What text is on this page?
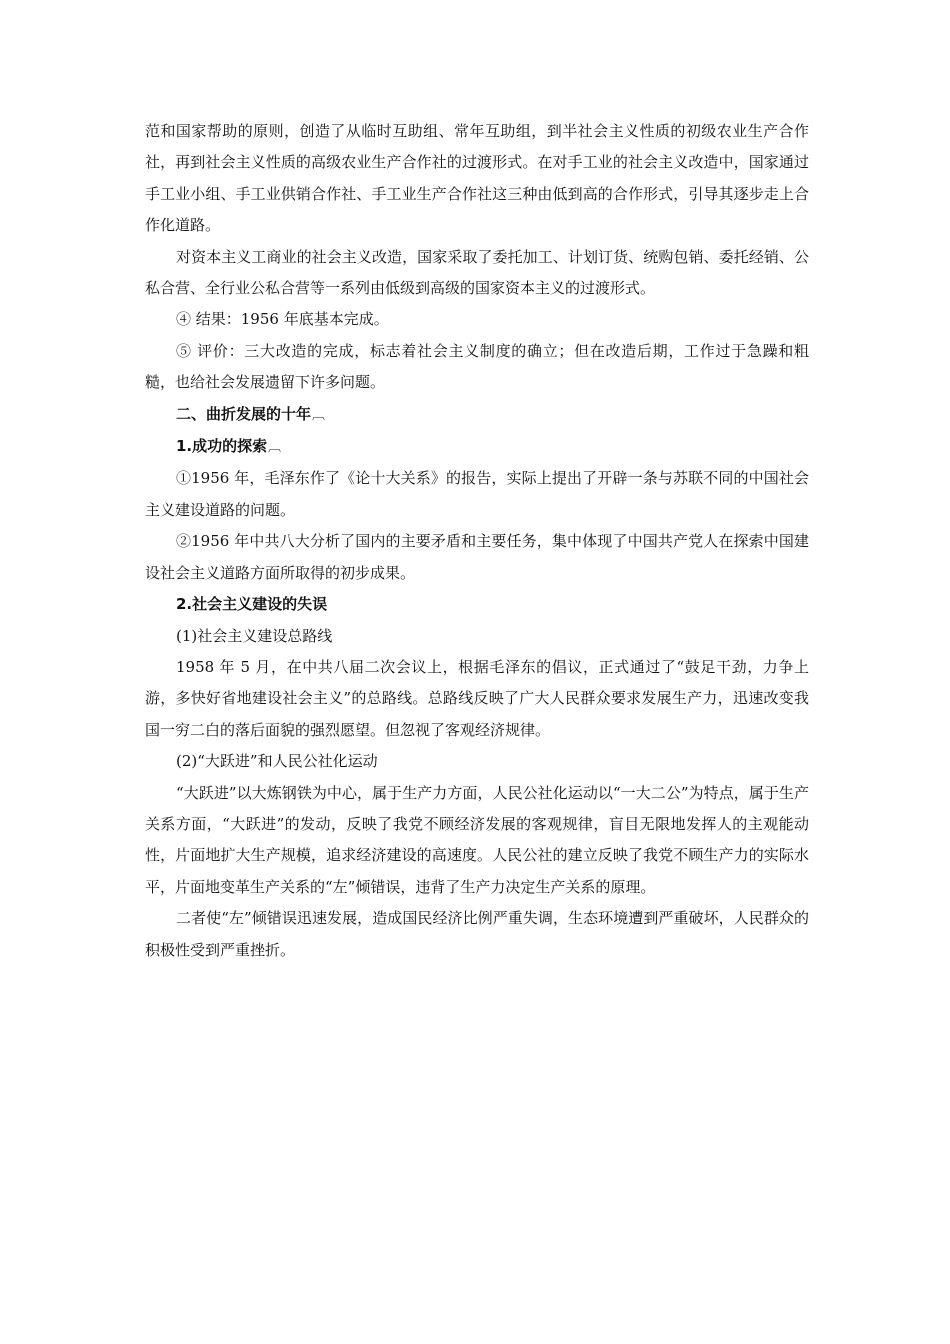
范和国家帮助的原则，创造了从临时互助组、常年互助组，到半社会主义性质的初级农业生产合作社，再到社会主义性质的高级农业生产合作社的过渡形式。在对手工业的社会主义改造中，国家通过手工业小组、手工业供销合作社、手工业生产合作社这三种由低到高的合作形式，引导其逐步走上合作化道路。

对资本主义工商业的社会主义改造，国家采取了委托加工、计划订货、统购包销、委托经销、公私合营、全行业公私合营等一系列由低级到高级的国家资本主义的过渡形式。

④ 结果：1956 年底基本完成。

⑤ 评价：三大改造的完成，标志着社会主义制度的确立；但在改造后期，工作过于急躁和粗糙，也给社会发展遗留下许多问题。

二、曲折发展的十年︹

1.成功的探索︹

①1956 年，毛泽东作了《论十大关系》的报告，实际上提出了开辟一条与苏联不同的中国社会主义建设道路的问题。

②1956 年中共八大分析了国内的主要矛盾和主要任务，集中体现了中国共产党人在探索中国建设社会主义道路方面所取得的初步成果。

2.社会主义建设的失误

(1)社会主义建设总路线

1958 年 5 月，在中共八届二次会议上，根据毛泽东的倡议，正式通过了“鼓足干劲，力争上游，多快好省地建设社会主义”的总路线。总路线反映了广大人民群众要求发展生产力，迅速改变我国一穷二白的落后面貌的强烈愿望。但忽视了客观经济规律。

(2)“大跃进”和人民公社化运动

“大跃进”以大炼钢铁为中心，属于生产力方面，人民公社化运动以“一大二公”为特点，属于生产关系方面，“大跃进”的发动，反映了我党不顾经济发展的客观规律，盲目无限地发挥人的主观能动性，片面地扩大生产规模，追求经济建设的高速度。人民公社的建立反映了我党不顾生产力的实际水平，片面地变革生产关系的“左”倾错误，违背了生产力决定生产关系的原理。

二者使“左”倾错误迅速发展，造成国民经济比例严重失调，生态环境遭到严重破坏，人民群众的积极性受到严重挫折。
